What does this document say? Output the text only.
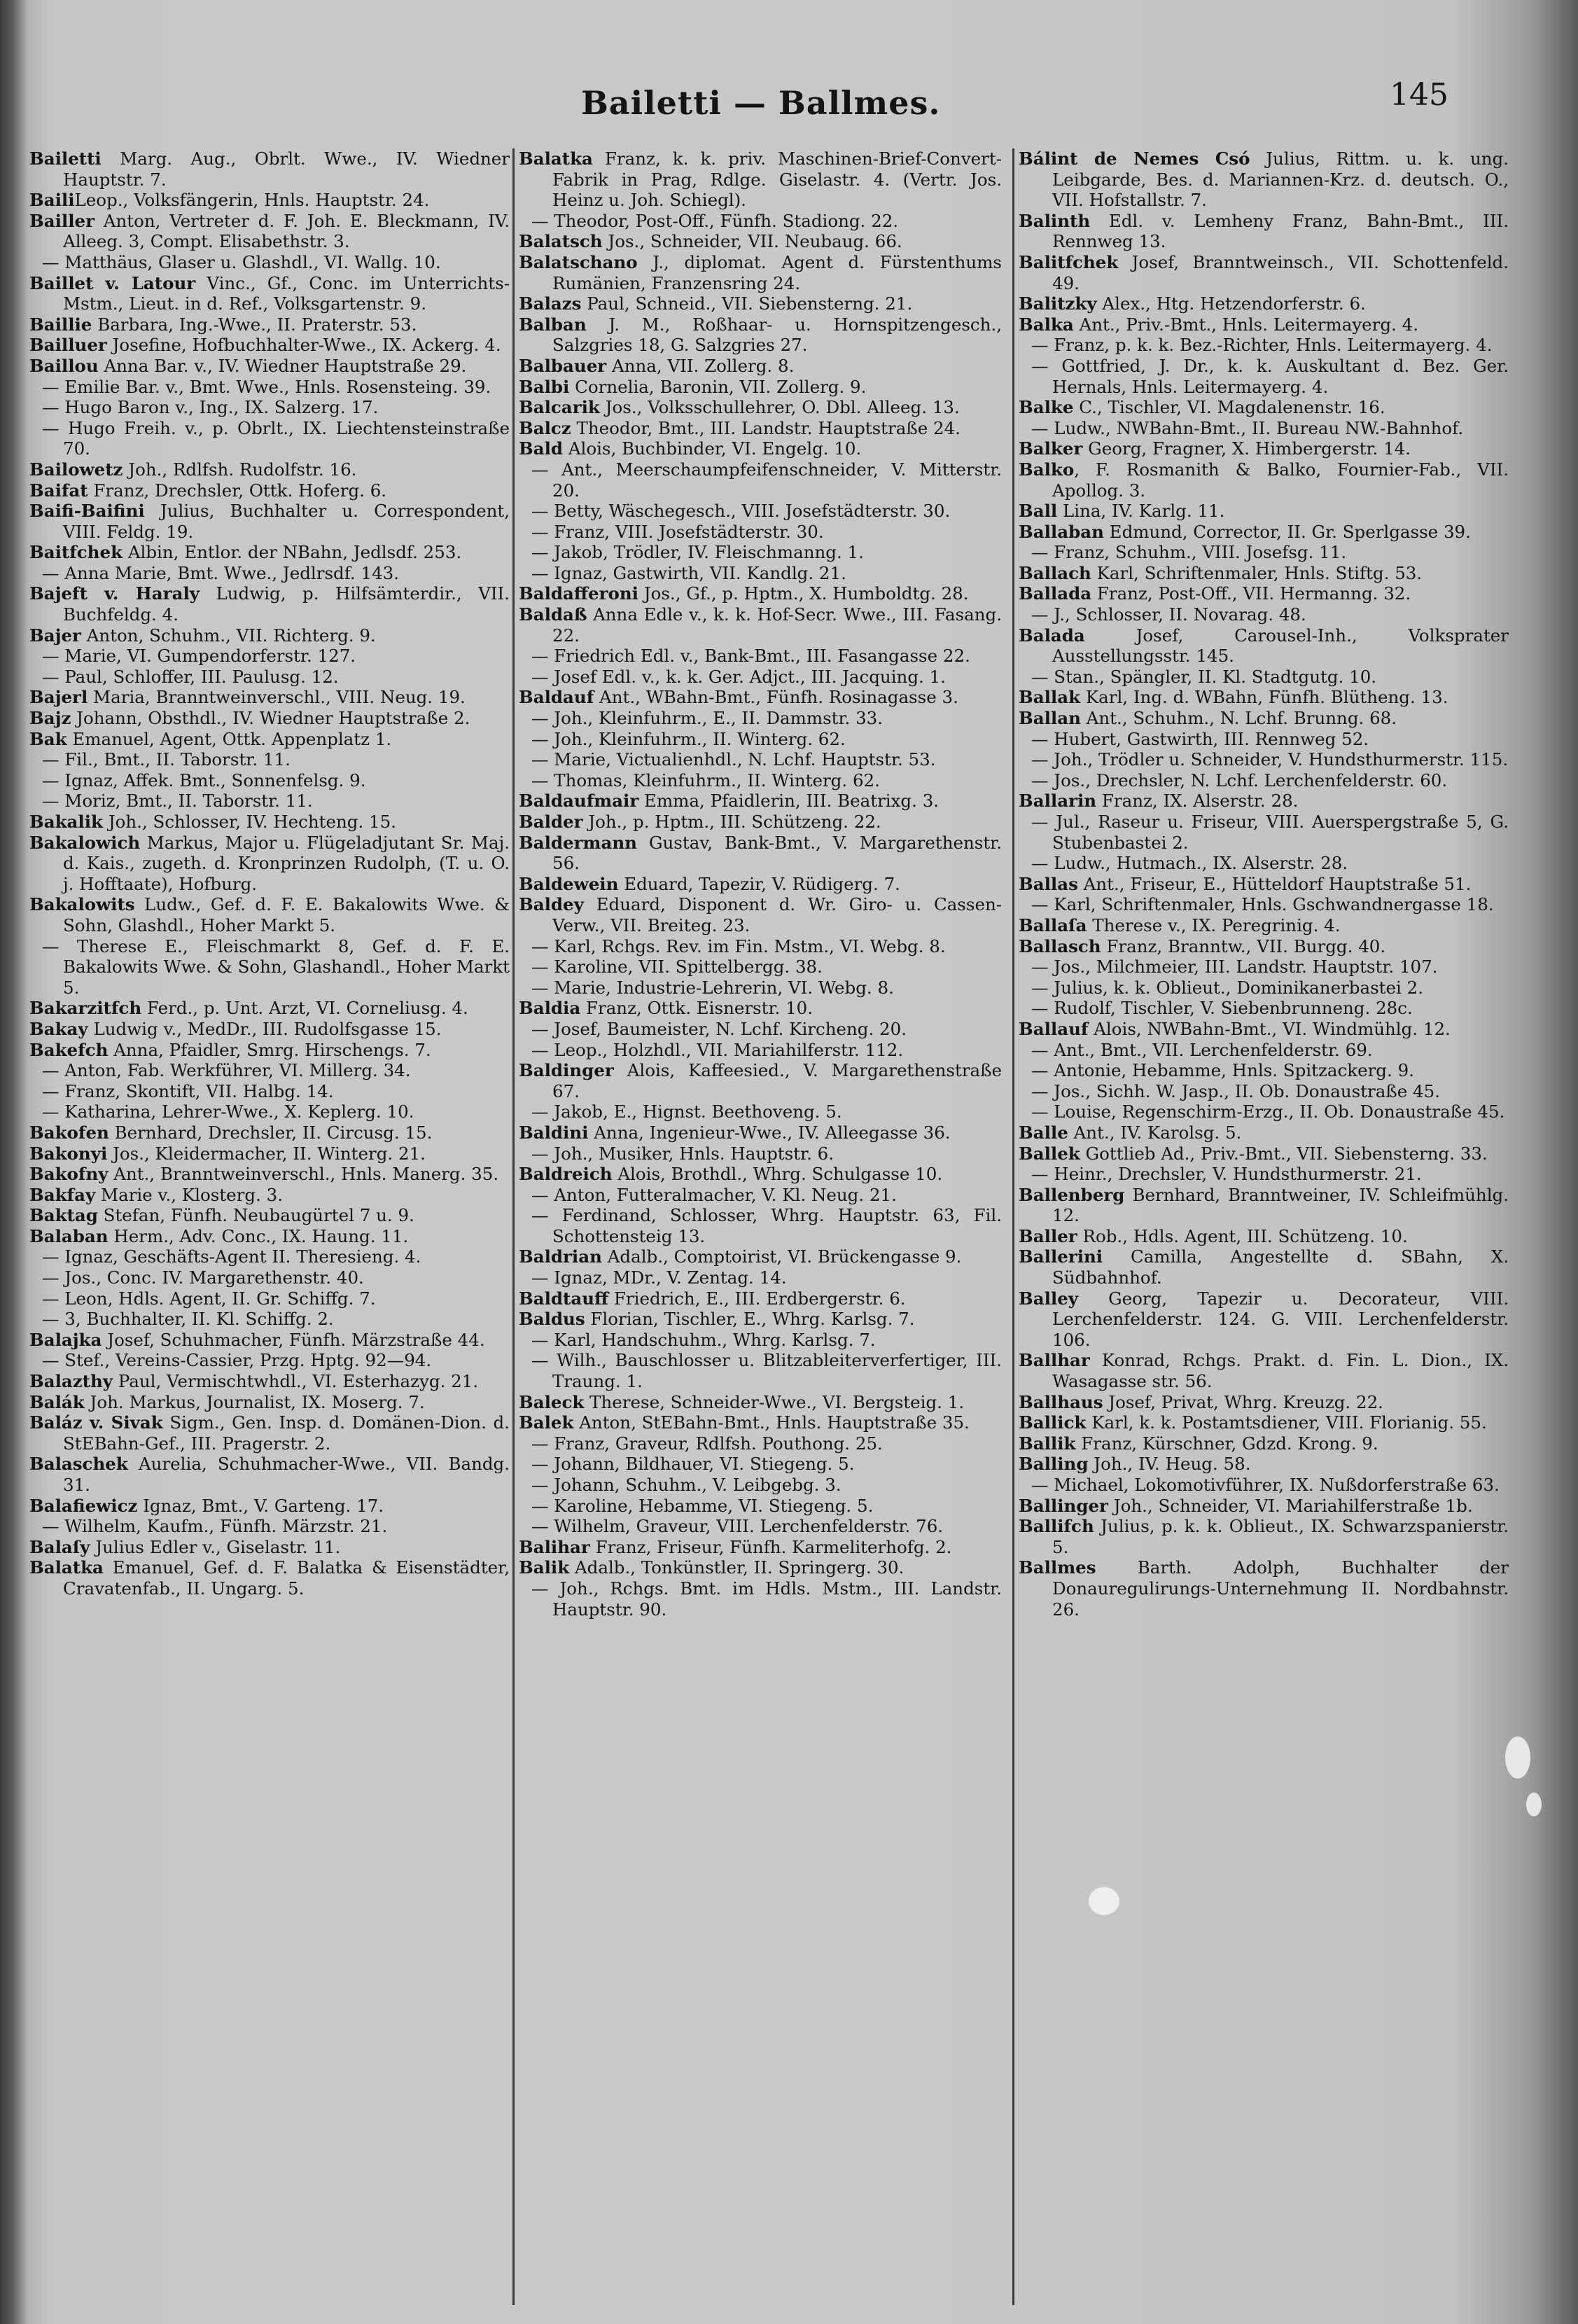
Bailetti — Ballmes.	145

Bailetti Marg. Aug., Obrlt. Wwe., IV. Wiedner Hauptstr. 7.

BailiLeop., Volksfängerin, Hnls. Hauptstr. 24.

Bailler Anton, Vertreter d. F. Joh. E. Bleckmann, IV. Alleeg. 3, Compt. Elisabethstr. 3.

— Matthäus, Glaser u. Glashdl., VI. Wallg. 10.

Baillet v. Latour Vinc., Gf., Conc. im Unterrichts-Mstm., Lieut. in d. Ref., Volksgartenstr. 9.

Baillie Barbara, Ing.-Wwe., II. Praterstr. 53.

Bailluer Josefine, Hofbuchhalter-Wwe., IX. Ackerg. 4.

Baillou Anna Bar. v., IV. Wiedner Hauptstraße 29.

— Emilie Bar. v., Bmt. Wwe., Hnls. Rosensteing. 39.

— Hugo Baron v., Ing., IX. Salzerg. 17.

— Hugo Freih. v., p. Obrlt., IX. Liechtensteinstraße 70.

Bailowetz Joh., Rdlfsh. Rudolfstr. 16.

Baifat Franz, Drechsler, Ottk. Hoferg. 6.

Baifi-Baifini Julius, Buchhalter u. Correspondent, VIII. Feldg. 19.

Baitfchek Albin, Entlor. der NBahn, Jedlsdf. 253.

— Anna Marie, Bmt. Wwe., Jedlrsdf. 143.

Bajeft v. Haraly Ludwig, p. Hilfsämterdir., VII. Buchfeldg. 4.

Bajer Anton, Schuhm., VII. Richterg. 9.

— Marie, VI. Gumpendorferstr. 127.

— Paul, Schloffer, III. Paulusg. 12.

Bajerl Maria, Branntweinverschl., VIII. Neug. 19.

Bajz Johann, Obsthdl., IV. Wiedner Hauptstraße 2.

Bak Emanuel, Agent, Ottk. Appenplatz 1.

— Fil., Bmt., II. Taborstr. 11.

— Ignaz, Affek. Bmt., Sonnenfelsg. 9.

— Moriz, Bmt., II. Taborstr. 11.

Bakalik Joh., Schlosser, IV. Hechteng. 15.

Bakalowich Markus, Major u. Flügeladjutant Sr. Maj. d. Kais., zugeth. d. Kronprinzen Rudolph, (T. u. O. j. Hofftaate), Hofburg.

Bakalowits Ludw., Gef. d. F. E. Bakalowits Wwe. & Sohn, Glashdl., Hoher Markt 5.

— Therese E., Fleischmarkt 8, Gef. d. F. E. Bakalowits Wwe. & Sohn, Glashandl., Hoher Markt 5.

Bakarzitfch Ferd., p. Unt. Arzt, VI. Corneliusg. 4.

Bakay Ludwig v., MedDr., III. Rudolfsgasse 15.

Bakefch Anna, Pfaidler, Smrg. Hirschengs. 7.

— Anton, Fab. Werkführer, VI. Millerg. 34.

— Franz, Skontift, VII. Halbg. 14.

— Katharina, Lehrer-Wwe., X. Keplerg. 10.

Bakofen Bernhard, Drechsler, II. Circusg. 15.

Bakonyi Jos., Kleidermacher, II. Winterg. 21.

Bakofny Ant., Branntweinverschl., Hnls. Manerg. 35.

Bakfay Marie v., Klosterg. 3.

Baktag Stefan, Fünfh. Neubaugürtel 7 u. 9.

Balaban Herm., Adv. Conc., IX. Haung. 11.

— Ignaz, Geschäfts-Agent II. Theresieng. 4.

— Jos., Conc. IV. Margarethenstr. 40.

— Leon, Hdls. Agent, II. Gr. Schiffg. 7.

— 3, Buchhalter, II. Kl. Schiffg. 2.

Balajka Josef, Schuhmacher, Fünfh. Märzstraße 44.

— Stef., Vereins-Cassier, Przg. Hptg. 92—94.

Balazthy Paul, Vermischtwhdl., VI. Esterhazyg. 21.

Balák Joh. Markus, Journalist, IX. Moserg. 7.

Baláz v. Sivak Sigm., Gen. Insp. d. Domänen-Dion. d. StEBahn-Gef., III. Pragerstr. 2.

Balaschek Aurelia, Schuhmacher-Wwe., VII. Bandg. 31.

Balafiewicz Ignaz, Bmt., V. Garteng. 17.

— Wilhelm, Kaufm., Fünfh. Märzstr. 21.

Balaſy Julius Edler v., Giselastr. 11.

Balatka Emanuel, Gef. d. F. Balatka & Eisenstädter, Cravatenfab., II. Ungarg. 5.

Balatka Franz, k. k. priv. Maschinen-Brief-Convert-Fabrik in Prag, Rdlge. Giselastr. 4. (Vertr. Jos. Heinz u. Joh. Schiegl).

— Theodor, Post-Off., Fünfh. Stadiong. 22.

Balatsch Jos., Schneider, VII. Neubaug. 66.

Balatschano J., diplomat. Agent d. Fürstenthums Rumänien, Franzensring 24.

Balazs Paul, Schneid., VII. Siebensterng. 21.

Balban J. M., Roßhaar- u. Hornspitzengesch., Salzgries 18, G. Salzgries 27.

Balbauer Anna, VII. Zollerg. 8.

Balbi Cornelia, Baronin, VII. Zollerg. 9.

Balcarik Jos., Volksschullehrer, O. Dbl. Alleeg. 13.

Balcz Theodor, Bmt., III. Landstr. Hauptstraße 24.

Bald Alois, Buchbinder, VI. Engelg. 10.

— Ant., Meerschaumpfeifenschneider, V. Mitterstr. 20.

— Betty, Wäschegesch., VIII. Josefstädterstr. 30.

— Franz, VIII. Josefstädterstr. 30.

— Jakob, Trödler, IV. Fleischmanng. 1.

— Ignaz, Gastwirth, VII. Kandlg. 21.

Baldafferoni Jos., Gf., p. Hptm., X. Humboldtg. 28.

Baldaß Anna Edle v., k. k. Hof-Secr. Wwe., III. Fasang. 22.

— Friedrich Edl. v., Bank-Bmt., III. Fasangasse 22.

— Josef Edl. v., k. k. Ger. Adjct., III. Jacquing. 1.

Baldauf Ant., WBahn-Bmt., Fünfh. Rosinagasse 3.

— Joh., Kleinfuhrm., E., II. Dammstr. 33.

— Joh., Kleinfuhrm., II. Winterg. 62.

— Marie, Victualienhdl., N. Lchf. Hauptstr. 53.

— Thomas, Kleinfuhrm., II. Winterg. 62.

Baldaufmair Emma, Pfaidlerin, III. Beatrixg. 3.

Balder Joh., p. Hptm., III. Schützeng. 22.

Baldermann Gustav, Bank-Bmt., V. Margarethenstr. 56.

Baldewein Eduard, Tapezir, V. Rüdigerg. 7.

Baldey Eduard, Disponent d. Wr. Giro- u. Cassen-Verw., VII. Breiteg. 23.

— Karl, Rchgs. Rev. im Fin. Mstm., VI. Webg. 8.

— Karoline, VII. Spittelbergg. 38.

— Marie, Industrie-Lehrerin, VI. Webg. 8.

Baldia Franz, Ottk. Eisnerstr. 10.

— Josef, Baumeister, N. Lchf. Kircheng. 20.

— Leop., Holzhdl., VII. Mariahilferstr. 112.

Baldinger Alois, Kaffeesied., V. Margarethenstraße 67.

— Jakob, E., Hignst. Beethoveng. 5.

Baldini Anna, Ingenieur-Wwe., IV. Alleegasse 36.

— Joh., Musiker, Hnls. Hauptstr. 6.

Baldreich Alois, Brothdl., Whrg. Schulgasse 10.

— Anton, Futteralmacher, V. Kl. Neug. 21.

— Ferdinand, Schlosser, Whrg. Hauptstr. 63, Fil. Schottensteig 13.

Baldrian Adalb., Comptoirist, VI. Brückengasse 9.

— Ignaz, MDr., V. Zentag. 14.

Baldtauff Friedrich, E., III. Erdbergerstr. 6.

Baldus Florian, Tischler, E., Whrg. Karlsg. 7.

— Karl, Handschuhm., Whrg. Karlsg. 7.

— Wilh., Bauschlosser u. Blitzableiterverfertiger, III. Traung. 1.

Baleck Therese, Schneider-Wwe., VI. Bergsteig. 1.

Balek Anton, StEBahn-Bmt., Hnls. Hauptstraße 35.

— Franz, Graveur, Rdlfsh. Pouthong. 25.

— Johann, Bildhauer, VI. Stiegeng. 5.

— Johann, Schuhm., V. Leibgebg. 3.

— Karoline, Hebamme, VI. Stiegeng. 5.

— Wilhelm, Graveur, VIII. Lerchenfelderstr. 76.

Balihar Franz, Friseur, Fünfh. Karmeliterhofg. 2.

Balik Adalb., Tonkünstler, II. Springerg. 30.

— Joh., Rchgs. Bmt. im Hdls. Mstm., III. Landstr. Hauptstr. 90.

Bálint de Nemes Csó Julius, Rittm. u. k. ung. Leibgarde, Bes. d. Mariannen-Krz. d. deutsch. O., VII. Hofstallstr. 7.

Balinth Edl. v. Lemheny Franz, Bahn-Bmt., III. Rennweg 13.

Balitfchek Josef, Branntweinsch., VII. Schottenfeld. 49.

Balitzky Alex., Htg. Hetzendorferstr. 6.

Balka Ant., Priv.-Bmt., Hnls. Leitermayerg. 4.

— Franz, p. k. k. Bez.-Richter, Hnls. Leitermayerg. 4.

— Gottfried, J. Dr., k. k. Auskultant d. Bez. Ger. Hernals, Hnls. Leitermayerg. 4.

Balke C., Tischler, VI. Magdalenenstr. 16.

— Ludw., NWBahn-Bmt., II. Bureau NW.-Bahnhof.

Balker Georg, Fragner, X. Himbergerstr. 14.

Balko, F. Rosmanith & Balko, Fournier-Fab., VII. Apollog. 3.

Ball Lina, IV. Karlg. 11.

Ballaban Edmund, Corrector, II. Gr. Sperlgasse 39.

— Franz, Schuhm., VIII. Josefsg. 11.

Ballach Karl, Schriftenmaler, Hnls. Stiftg. 53.

Ballada Franz, Post-Off., VII. Hermanng. 32.

— J., Schlosser, II. Novarag. 48.

Balada Josef, Carousel-Inh., Volksprater Ausstellungsstr. 145.

— Stan., Spängler, II. Kl. Stadtgutg. 10.

Ballak Karl, Ing. d. WBahn, Fünfh. Blütheng. 13.

Ballan Ant., Schuhm., N. Lchf. Brunng. 68.

— Hubert, Gastwirth, III. Rennweg 52.

— Joh., Trödler u. Schneider, V. Hundsthurmerstr. 115.

— Jos., Drechsler, N. Lchf. Lerchenfelderstr. 60.

Ballarin Franz, IX. Alserstr. 28.

— Jul., Raseur u. Friseur, VIII. Auerspergstraße 5, G. Stubenbastei 2.

— Ludw., Hutmach., IX. Alserstr. 28.

Ballas Ant., Friseur, E., Hütteldorf Hauptstraße 51.

— Karl, Schriftenmaler, Hnls. Gschwandnergasse 18.

Ballaſa Therese v., IX. Peregrinig. 4.

Ballasch Franz, Branntw., VII. Burgg. 40.

— Jos., Milchmeier, III. Landstr. Hauptstr. 107.

— Julius, k. k. Oblieut., Dominikanerbastei 2.

— Rudolf, Tischler, V. Siebenbrunneng. 28c.

Ballauf Alois, NWBahn-Bmt., VI. Windmühlg. 12.

— Ant., Bmt., VII. Lerchenfelderstr. 69.

— Antonie, Hebamme, Hnls. Spitzackerg. 9.

— Jos., Sichh. W. Jasp., II. Ob. Donaustraße 45.

— Louise, Regenschirm-Erzg., II. Ob. Donaustraße 45.

Balle Ant., IV. Karolsg. 5.

Ballek Gottlieb Ad., Priv.-Bmt., VII. Siebensterng. 33.

— Heinr., Drechsler, V. Hundsthurmerstr. 21.

Ballenberg Bernhard, Branntweiner, IV. Schleifmühlg. 12.

Baller Rob., Hdls. Agent, III. Schützeng. 10.

Ballerini Camilla, Angestellte d. SBahn, X. Südbahnhof.

Balley Georg, Tapezir u. Decorateur, VIII. Lerchenfelderstr. 124. G. VIII. Lerchenfelderstr. 106.

Ballhar Konrad, Rchgs. Prakt. d. Fin. L. Dion., IX. Wasagasse str. 56.

Ballhaus Josef, Privat, Whrg. Kreuzg. 22.

Ballick Karl, k. k. Postamtsdiener, VIII. Florianig. 55.

Ballik Franz, Kürschner, Gdzd. Krong. 9.

Balling Joh., IV. Heug. 58.

— Michael, Lokomotivführer, IX. Nußdorferstraße 63.

Ballinger Joh., Schneider, VI. Mariahilferstraße 1b.

Ballifch Julius, p. k. k. Oblieut., IX. Schwarzspanierstr. 5.

Ballmes Barth. Adolph, Buchhalter der Donauregulirungs-Unternehmung II. Nordbahnstr. 26.
